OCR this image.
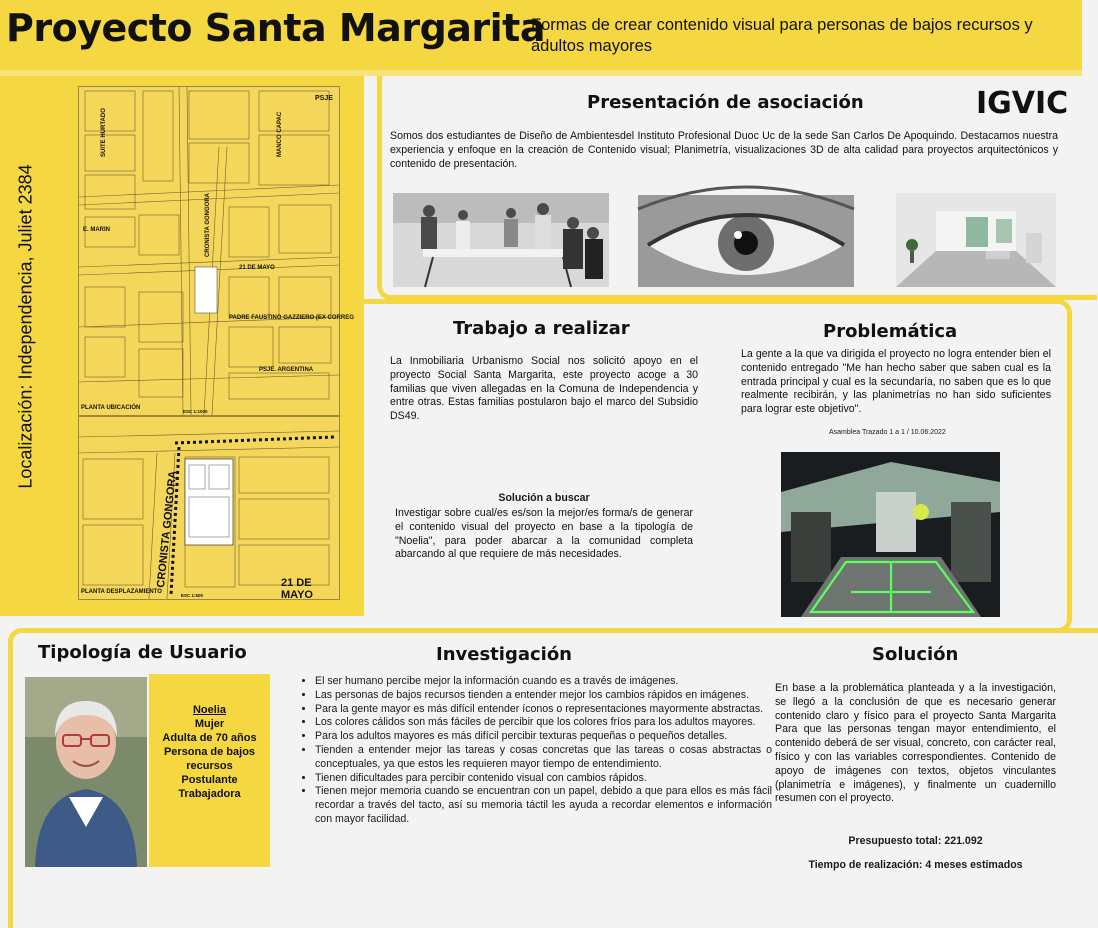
Proyecto Santa Margarita
Formas de crear contenido visual para personas de bajos recursos y adultos mayores
Localización: Independencia, Juliet 2384
SUITE HURTADO	MANCO CAPAC
E. MARIN	CRONISTA GONGORA
21 DE MAYO
PADRE FAUSTINO GAZZIERO (EX CORREG
PSJE. ARGENTINA
PSJE
PLANTA UBICACIÓN
ESC 1:1000
CRONISTA GONGORA	21 DE MAYO
PLANTA DESPLAZAMIENTO
ESC 1:500
Presentación de asociación	IGVIC
Somos dos estudiantes de Diseño de Ambientesdel Instituto Profesional Duoc Uc de la sede San Carlos De Apoquindo. Destacamos nuestra experiencia y enfoque en la creación de Contenido visual; Planimetría, visualizaciones 3D de alta calidad para proyectos arquitectónicos y contenido de presentación.
Trabajo a realizar
La Inmobiliaria Urbanismo Social nos solicitó apoyo en el proyecto Social Santa Margarita, este proyecto acoge a 30 familias que viven allegadas en la Comuna de Independencia y entre otras. Estas familias postularon bajo el marco del Subsidio DS49.
Solución a buscar
Investigar sobre cual/es es/son la mejor/es forma/s de generar el contenido visual del proyecto en base a la tipología de "Noelia", para poder abarcar a la comunidad completa abarcando al que requiere de más necesidades.
Problemática
La gente a la que va dirigida el proyecto no logra entender bien el contenido entregado "Me han hecho saber que saben cual es la entrada principal y cual es la secundaría, no saben que es lo que realmente recibirán, y las planimetrías no han sido suficientes para lograr este objetivo".
Asamblea Trazado 1 a 1 / 10.06.2022
Tipología de Usuario
Noelia
Mujer
Adulta de 70 años
Persona de bajos recursos
Postulante
Trabajadora
Investigación
• El ser humano percibe mejor la información cuando es a través de imágenes.
• Las personas de bajos recursos tienden a entender mejor los cambios rápidos en imágenes.
• Para la gente mayor es más difícil entender íconos o representaciones mayormente abstractas.
• Los colores cálidos son más fáciles de percibir que los colores fríos para los adultos mayores.
• Para los adultos mayores es más difícil percibir texturas pequeñas o pequeños detalles.
• Tienden a entender mejor las tareas y cosas concretas que las tareas o cosas abstractas o conceptuales, ya que estos les requieren mayor tiempo de entendimiento.
• Tienen dificultades para percibir contenido visual con cambios rápidos.
• Tienen mejor memoria cuando se encuentran con un papel, debido a que para ellos es más fácil recordar a través del tacto, así su memoria táctil les ayuda a recordar elementos e información con mayor facilidad.
Solución
En base a la problemática planteada y a la investigación, se llegó a la conclusión de que es necesario generar contenido claro y físico para el proyecto Santa Margarita Para que las personas tengan mayor entendimiento, el contenido deberá de ser visual, concreto, con carácter real, físico y con las variables correspondientes. Contenido de apoyo de imágenes con textos, objetos vinculantes (planimetría e imágenes), y finalmente un cuadernillo resumen con el proyecto.
Presupuesto total: 221.092
Tiempo de realización: 4 meses estimados
